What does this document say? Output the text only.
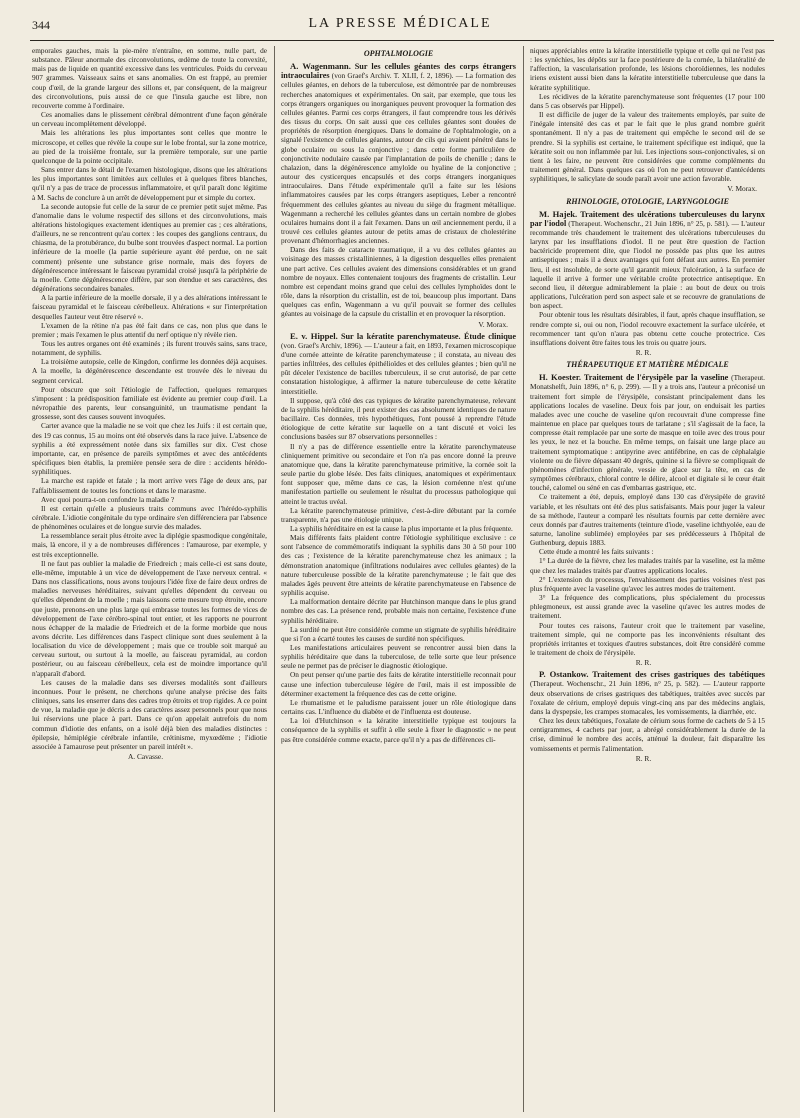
344	LA PRESSE MÉDICALE

emporales gauches, mais la pie-mère n'entraîne, en somme, nulle part, de substance. Pâleur anormale des circonvolutions, œdème de toute la convexité, mais pas de liquide en quantité excessive dans les ventricules. Poids du cerveau 907 grammes. Vaisseaux sains et sans anomalies. On est frappé, au premier coup d'œil, de la grande largeur des sillons et, par conséquent, de la maigreur des circonvolutions, puis aussi de ce que l'insula gauche est libre, non recouverte comme à l'ordinaire.

Ces anomalies dans le plissement cérébral démontrent d'une façon générale un cerveau incomplètement développé.

Mais les altérations les plus importantes sont celles que montre le microscope, et celles que révèle la coupe sur le lobe frontal, sur la zone motrice, au pied de la troisième frontale, sur la première temporale, sur une partie quelconque de la pointe occipitale.

Sans entrer dans le détail de l'examen histologique, disons que les altérations les plus importantes sont limitées aux cellules et à quelques fibres blanches, qu'il n'y a pas de trace de processus inflammatoire, et qu'il paraît donc légitime à M. Sachs de conclure à un arrêt de développement pur et simple du cortex.

La seconde autopsie fut celle de la sœur de ce premier petit sujet même. Pas d'anomalie dans le volume respectif des sillons et des circonvolutions, mais altérations histologiques exactement identiques au premier cas ; ces altérations, d'ailleurs, ne se rencontrent qu'au cortex : les coupes des ganglions centraux, du chiasma, de la protubérance, du bulbe sont trouvées d'aspect normal. La portion inférieure de la moelle (la partie supérieure ayant été perdue, on ne sait comment) présente une substance grise normale, mais des foyers de dégénérescence intéressant le faisceau pyramidal croisé jusqu'à la périphérie de la moelle. Cette dégénérescence diffère, par son étendue et ses caractères, des dégénérations secondaires banales.

A la partie inférieure de la moelle dorsale, il y a des altérations intéressant le faisceau pyramidal et le faisceau cérébelleux. Altérations « sur l'interprétation desquelles l'auteur veut être réservé ».

L'examen de la rétine n'a pas été fait dans ce cas, non plus que dans le premier ; mais l'examen le plus attentif du nerf optique n'y révèle rien.

Tous les autres organes ont été examinés ; ils furent trouvés sains, sans trace, notamment, de syphilis.

La troisième autopsie, celle de Kingdon, confirme les données déjà acquises. A la moelle, la dégénérescence descendante est trouvée dès le niveau du segment cervical.

Pour obscure que soit l'étiologie de l'affection, quelques remarques s'imposent : la prédisposition familiale est évidente au premier coup d'œil. La névropathie des parents, leur consanguinité, un traumatisme pendant la grossesse, sont des causes souvent invoquées.

Carter avance que la maladie ne se voit que chez les Juifs : il est certain que, des 19 cas connus, 15 au moins ont été observés dans la race juive. L'absence de syphilis a été expressément notée dans six familles sur dix. C'est chose importante, car, en présence de pareils symptômes et avec des antécédents spécifiques bien établis, la première pensée sera de dire : accidents hérédo-syphilitiques.

La marche est rapide et fatale ; la mort arrive vers l'âge de deux ans, par l'affaiblissement de toutes les fonctions et dans le marasme.

Avec quoi pourra-t-on confondre la maladie ?

Il est certain qu'elle a plusieurs traits communs avec l'hérédo-syphilis cérébrale. L'idiotie congénitale du type ordinaire s'en différenciera par l'absence de phénomènes oculaires et de longue survie des malades.

La ressemblance serait plus étroite avec la diplégie spasmodique congénitale, mais, là encore, il y a de nombreuses différences : l'amaurose, par exemple, y est très exceptionnelle.

Il ne faut pas oublier la maladie de Friedreich ; mais celle-ci est sans doute, elle-même, imputable à un vice de développement de l'axe nerveux central. « Dans nos classifications, nous avons toujours l'idée fixe de faire deux ordres de maladies nerveuses héréditaires, suivant qu'elles dépendent du cerveau ou qu'elles dépendent de la moelle ; mais laissons cette mesure trop étroite, encore que juste, prenons-en une plus large qui embrasse toutes les formes de vices de développement de l'axe cérébro-spinal tout entier, et les rapports ne pourront nous échapper de la maladie de Friedreich et de la forme morbide que nous avons décrite. Les différences dans l'aspect clinique sont dues seulement à la localisation du vice de développement ; mais que ce trouble soit marqué au cerveau surtout, ou surtout à la moelle, au faisceau pyramidal, au cordon postérieur, ou au faisceau cérébelleux, cela est de moindre importance qu'il n'apparaît d'abord.

Les causes de la maladie dans ses diverses modalités sont d'ailleurs inconnues. Pour le présent, ne cherchons qu'une analyse précise des faits cliniques, sans les enserrer dans des cadres trop étroits et trop rigides. A ce point de vue, la maladie que je décris a des caractères assez personnels pour que nous lui réservions une place à part. Dans ce qu'on appelait autrefois du nom commun d'idiotie des enfants, on a isolé déjà bien des maladies distinctes : épilepsie, hémiplégie cérébrale infantile, crétinisme, myxœdème ; l'idiotie associée à l'amaurose peut présenter un pareil intérêt ».

A. Cavasse.
OPHTALMOLOGIE

A. Wagenmann. Sur les cellules géantes des corps étrangers intraoculaires (von Graef's Archiv. T. XLII, f. 2, 1896). — La formation des cellules géantes, en dehors de la tuberculose, est démontrée par de nombreuses recherches anatomiques et expérimentales. On sait, par exemple, que tous les corps étrangers organiques ou inorganiques peuvent provoquer la formation des cellules géantes. Parmi ces corps étrangers, il faut comprendre tous les dérivés des tissus du corps. On sait aussi que ces cellules géantes sont douées de propriétés de résorption énergiques. Dans le domaine de l'ophtalmologie, on a signalé l'existence de cellules géantes, autour de cils qui avaient pénétré dans le globe oculaire ou sous la conjonctive ; dans cette forme particulière de conjonctivite nodulaire causée par l'implantation de poils de chenille ; dans le chalazion, dans la dégénérescence amyloïde ou hyaline de la conjonctive ; autour des cysticerques encapsulés et des corps étrangers inorganiques intraoculaires. Dans l'étude expérimentale qu'il a faite sur les lésions inflammatoires causées par les corps étrangers aseptiques, Leber a rencontré fréquemment des cellules géantes au niveau du siège du fragment métallique. Wagenmann a recherché les cellules géantes dans un certain nombre de globes oculaires humains dont il a fait l'examen. Dans un œil anciennement perdu, il a trouvé ces cellules géantes autour de petits amas de cristaux de cholestérine provenant d'hémorrhagies anciennes.

Dans des faits de cataracte traumatique, il a vu des cellules géantes au voisinage des masses cristalliniennes, à la digestion desquelles elles prenaient une part active. Ces cellules avaient des dimensions considérables et un grand nombre de noyaux. Elles contenaient toujours des fragments de cristallin. Leur nombre est cependant moins grand que celui des cellules lymphoïdes dont le rôle, dans la résorption du cristallin, est de toi, beaucoup plus important. Dans quelques cas enfin, Wagenmann a vu qu'il pouvait se former des cellules géantes au voisinage de la capsule du cristallin et en provoquer la résorption.

V. Morax.

E. v. Hippel. Sur la kératite parenchymateuse. Étude clinique (von. Graef's Archiv, 1896). — L'auteur a fait, en 1893, l'examen microscopique d'une cornée atteinte de kératite parenchymateuse ; il constata, au niveau des parties infiltrées, des cellules épithélioïdes et des cellules géantes ; bien qu'il ne pût déceler l'existence de bacilles tuberculeux, il se crut autorisé, de par cette constatation histologique, à affirmer la nature tuberculeuse de cette kératite interstitielle.

Il suppose, qu'à côté des cas typiques de kératite parenchymateuse, relevant de la syphilis héréditaire, il peut exister des cas absolument identiques de nature bacillaire. Ces données, très hypothétiques, l'ont poussé à reprendre l'étude étiologique de cette kératite sur laquelle on a tant discuté et voici les conclusions basées sur 87 observations personnelles :

Il n'y a pas de différence essentielle entre la kératite parenchymateuse cliniquement primitive ou secondaire et l'on n'a pas encore donné la preuve anatomique que, dans la kératite parenchymateuse primitive, la cornée soit la seule partie du globe lésée. Des faits cliniques, anatomiques et expérimentaux font supposer que, même dans ce cas, la lésion cornéenne n'est qu'une manifestation partielle ou seulement le résultat du processus pathologique qui atteint le tractus uvéal.

La kératite parenchymateuse primitive, c'est-à-dire débutant par la cornée transparente, n'a pas une étiologie unique.

La syphilis héréditaire en est la cause la plus importante et la plus fréquente.

Mais différents faits plaident contre l'étiologie syphilitique exclusive : ce sont l'absence de commémoratifs indiquant la syphilis dans 30 à 50 pour 100 des cas ; l'existence de la kératite parenchymateuse chez les animaux ; la démonstration anatomique (infiltrations nodulaires avec cellules géantes) de la nature tuberculeuse possible de la kératite parenchymateuse ; le fait que des malades âgés peuvent être atteints de kératite parenchymateuse en l'absence de syphilis acquise.

La malformation dentaire décrite par Hutchinson manque dans le plus grand nombre des cas. La présence rend, probable mais non certaine, l'existence d'une syphilis héréditaire.

La surdité ne peut être considérée comme un stigmate de syphilis héréditaire que si l'on a écarté toutes les causes de surdité non spécifiques.

Les manifestations articulaires peuvent se rencontrer aussi bien dans la syphilis héréditaire que dans la tuberculose, de telle sorte que leur présence seule ne permet pas de préciser le diagnostic étiologique.

On peut penser qu'une partie des faits de kératite interstitielle reconnait pour cause une infection tuberculeuse légère de l'œil, mais il est impossible de déterminer exactement la fréquence des cas de cette origine.

Le rhumatisme et le paludisme paraissent jouer un rôle étiologique dans certains cas. L'influence du diabète et de l'influenza est douteuse.

La loi d'Hutchinson « la kératite interstitielle typique est toujours la conséquence de la syphilis et suffit à elle seule à fixer le diagnostic » ne peut pas être considérée comme exacte, parce qu'il n'y a pas de différences cli-

niques appréciables entre la kératite interstitielle typique et celle qui ne l'est pas : les synéchies, les dépôts sur la face postérieure de la cornée, la bilatéralité de l'affection, la vascularisation profonde, les lésions choroïdiennes, les nodules iriens existent aussi bien dans la kératite interstitielle tuberculeuse que dans la kératite syphilitique.

Les récidives de la kératite parenchymateuse sont fréquentes (17 pour 100 dans 5 cas observés par Hippel).

Il est difficile de juger de la valeur des traitements employés, par suite de l'inégale intensité des cas et par le fait que le plus grand nombre guérit spontanément. Il n'y a pas de traitement qui empêche le second œil de se prendre. Si la syphilis est certaine, le traitement spécifique est indiqué, que la kératite soit ou non inflammée par lui. Les injections sous-conjonctivales, si on tient à les faire, ne peuvent être considérées que comme compléments du traitement général. Dans quelques cas où l'on ne peut retrouver d'antécédents syphilitiques, le salicylate de soude paraît avoir une action favorable.

V. Morax.
RHINOLOGIE, OTOLOGIE, LARYNGOLOGIE

M. Hajek. Traitement des ulcérations tuberculeuses du larynx par l'iodol (Therapeut. Wochenschr., 21 Juin 1896, n° 25, p. 581). — L'auteur recommande très chaudement le traitement des ulcérations tuberculeuses du larynx par les insufflations d'iodol. Il ne peut être question de l'action bactéricide proprement dite, que l'iodol ne possède pas plus que les autres antiseptiques ; mais il a deux avantages qui font défaut aux autres. En premier lieu, il est insoluble, de sorte qu'il garantit mieux l'ulcération, à la surface de laquelle il arrive à former une véritable croûte protectrice antiseptique. En second lieu, il détergue admirablement la plaie : au bout de deux ou trois applications, l'ulcération perd son aspect sale et se recouvre de granulations de bon aspect.

Pour obtenir tous les résultats désirables, il faut, après chaque insufflation, se rendre compte si, oui ou non, l'iodol recouvre exactement la surface ulcérée, et recommencer tant qu'on n'aura pas obtenu cette couche protectrice. Ces insufflations doivent être faites tous les trois ou quatre jours.

R. R.
THÉRAPEUTIQUE ET MATIÈRE MÉDICALE

H. Koester. Traitement de l'érysipèle par la vaseline (Therapeut. Monatshelft, Juin 1896, n° 6, p. 299). — Il y a trois ans, l'auteur a préconisé un traitement fort simple de l'érysipèle, consistant principalement dans les applications locales de vaseline. Deux fois par jour, on enduisait les parties malades avec une couche de vaseline qu'on recouvrait d'une compresse fine maintenue en place par quelques tours de tarlatane ; s'il s'agissait de la face, la compresse était remplacée par une sorte de masque en toile avec des trous pour les yeux, le nez et la bouche. En même temps, on faisait une large place au traitement symptomatique : antipyrine avec antifébrine, en cas de céphalalgie violente ou de fièvre dépassant 40 degrés, quinine si la fièvre se compliquait de phénomènes d'infection générale, vessie de glace sur la tête, en cas de symptômes cérébraux, chloral contre le délire, alcool et digitale si le cœur était touché, calomel ou séné en cas d'embarras gastrique, etc.

Ce traitement a été, depuis, employé dans 130 cas d'érysipèle de gravité variable, et les résultats ont été des plus satisfaisants. Mais pour juger la valeur de sa méthode, l'auteur a comparé les résultats fournis par cette dernière avec ceux donnés par d'autres traitements (teinture d'iode, vaseline ichthyolée, eau de saturne, lanoline sublimée) employées par ses prédécesseurs à l'hôpital de Guthenburg, depuis 1883.

Cette étude a montré les faits suivants :

1° La durée de la fièvre, chez les malades traités par la vaseline, est la même que chez les malades traités par d'autres applications locales.

2° L'extension du processus, l'envahissement des parties voisines n'est pas plus fréquente avec la vaseline qu'avec les autres modes de traitement.

3° La fréquence des complications, plus spécialement du processus phlegmoneux, est aussi grande avec la vaseline qu'avec les autres modes de traitement.

Pour toutes ces raisons, l'auteur croit que le traitement par vaseline, traitement simple, qui ne comporte pas les inconvénients résultant des propriétés irritantes et toxiques d'autres substances, doit être considéré comme le traitement de choix de l'érysipèle.

R. R.

P. Ostankow. Traitement des crises gastriques des tabétiques (Therapeut. Wochenschr., 21 Juin 1896, n° 25, p. 582). — L'auteur rapporte deux observations de crises gastriques des tabétiques, traitées avec succès par l'oxalate de cérium, employé depuis vingt-cinq ans par des médecins anglais, dans la dyspepsie, les crampes stomacales, les vomissements, la diarrhée, etc.

Chez les deux tabétiques, l'oxalate de cérium sous forme de cachets de 5 à 15 centigrammes, 4 cachets par jour, a abrégé considérablement la durée de la crise, diminué le nombre des accès, atténué la douleur, fait disparaître les vomissements et permis l'alimentation.

R. R.
